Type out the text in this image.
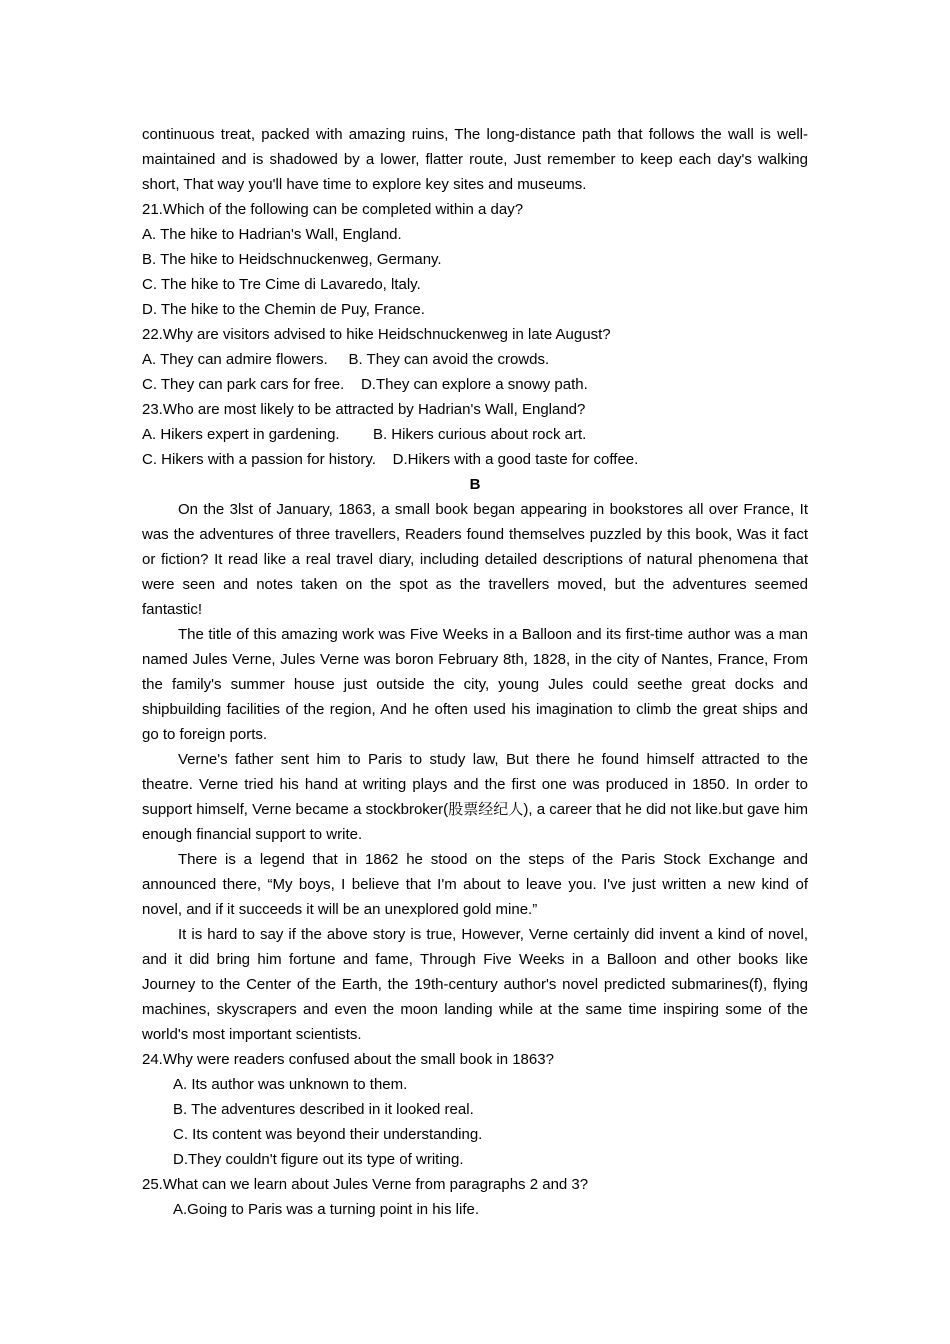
continuous treat, packed with amazing ruins, The long-distance path that follows the wall is well-maintained and is shadowed by a lower, flatter route, Just remember to keep each day's walking short, That way you'll have time to explore key sites and museums.

21.Which of the following can be completed within a day?

A. The hike to Hadrian's Wall, England.

B. The hike to Heidschnuckenweg, Germany.

C. The hike to Tre Cime di Lavaredo, ltaly.

D. The hike to the Chemin de Puy, France.

22.Why are visitors advised to hike Heidschnuckenweg in late August?

A. They can admire flowers.     B. They can avoid the crowds.

C. They can park cars for free.    D.They can explore a snowy path.

23.Who are most likely to be attracted by Hadrian's Wall, England?

A. Hikers expert in gardening.        B. Hikers curious about rock art.

C. Hikers with a passion for history.    D.Hikers with a good taste for coffee.

B

On the 3lst of January, 1863, a small book began appearing in bookstores all over France, It was the adventures of three travellers, Readers found themselves puzzled by this book, Was it fact or fiction? It read like a real travel diary, including detailed descriptions of natural phenomena that were seen and notes taken on the spot as the travellers moved, but the adventures seemed fantastic!

The title of this amazing work was Five Weeks in a Balloon and its first-time author was a man named Jules Verne, Jules Verne was boron February 8th, 1828, in the city of Nantes, France, From the family's summer house just outside the city, young Jules could seethe great docks and shipbuilding facilities of the region, And he often used his imagination to climb the great ships and go to foreign ports.

Verne's father sent him to Paris to study law, But there he found himself attracted to the theatre. Verne tried his hand at writing plays and the first one was produced in 1850. In order to support himself, Verne became a stockbroker(股票经纪人), a career that he did not like.but gave him enough financial support to write.

There is a legend that in 1862 he stood on the steps of the Paris Stock Exchange and announced there, “My boys, I believe that I'm about to leave you. I've just written a new kind of novel, and if it succeeds it will be an unexplored gold mine.”

It is hard to say if the above story is true, However, Verne certainly did invent a kind of novel, and it did bring him fortune and fame, Through Five Weeks in a Balloon and other books like Journey to the Center of the Earth, the 19th-century author's novel predicted submarines(f), flying machines, skyscrapers and even the moon landing while at the same time inspiring some of the world's most important scientists.

24.Why were readers confused about the small book in 1863?

A. Its author was unknown to them.

B. The adventures described in it looked real.

C. Its content was beyond their understanding.

D.They couldn't figure out its type of writing.

25.What can we learn about Jules Verne from paragraphs 2 and 3?

A.Going to Paris was a turning point in his life.
